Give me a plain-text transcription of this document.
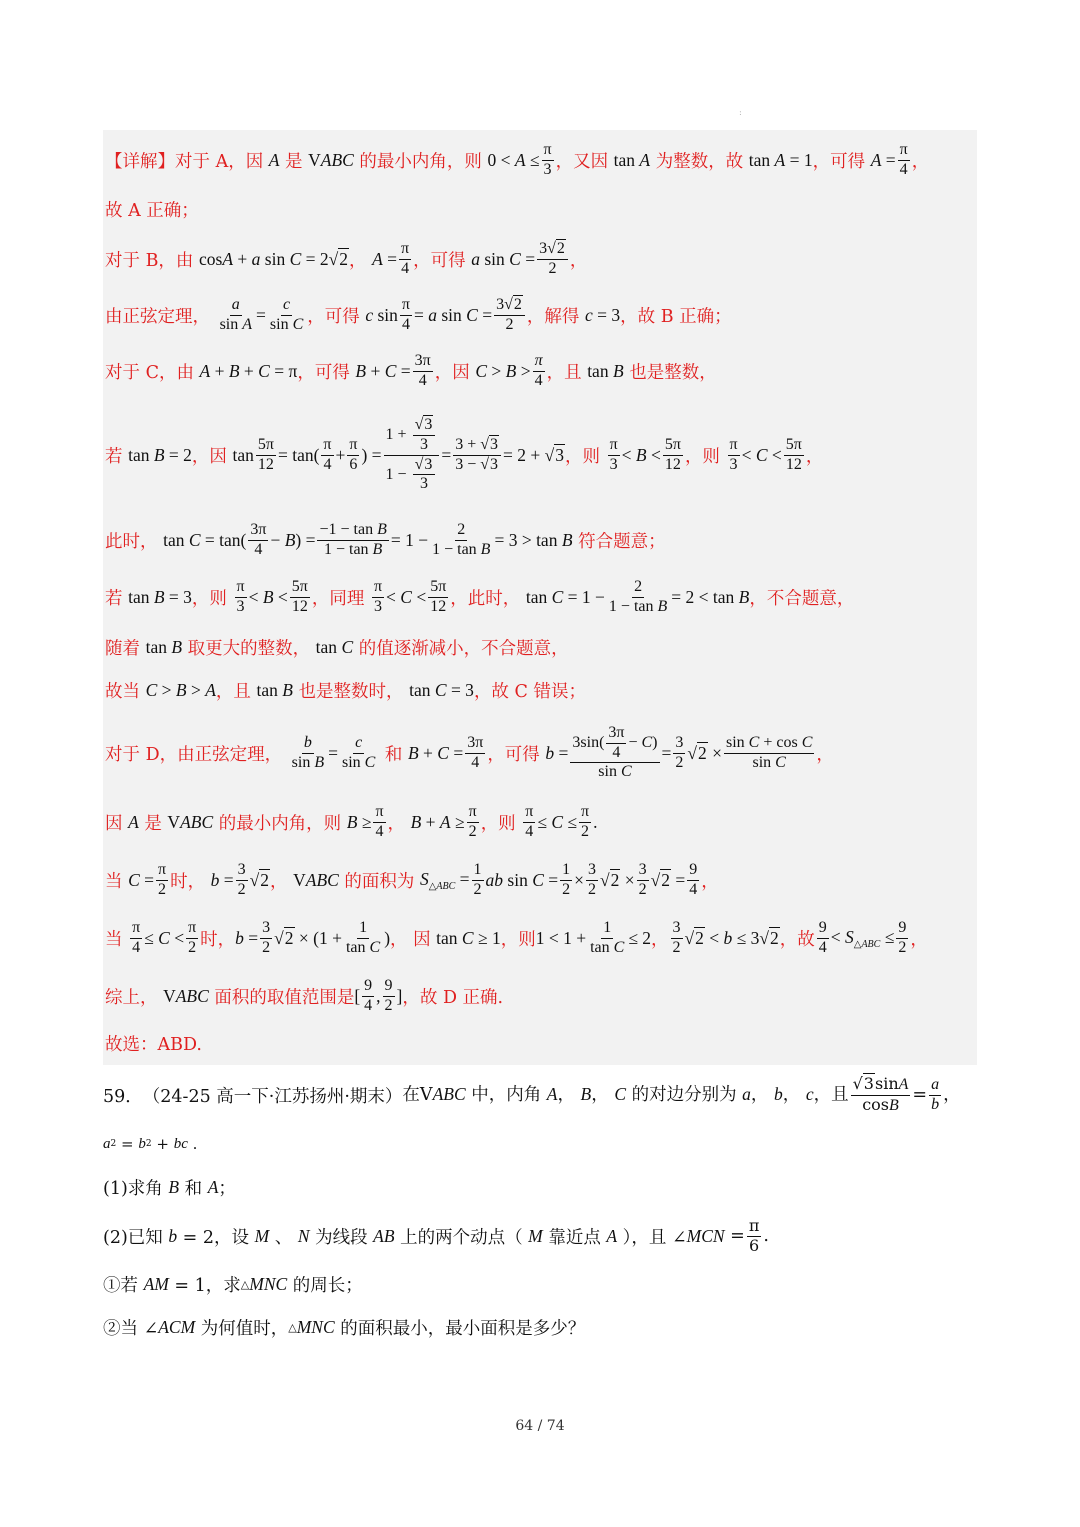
ː
【详解】 对于 A，因 A 是 VABC 的最小内角，则 $0 < A \le \frac{\pi}{3}$ ，又因 tan A 为整数，故 tan A = 1 ，可得 $A = \frac{\pi}{4}$ ，
故 A 正确；
对于 B，由 cosA + a sin C = 2√2 ， $A = \frac{\pi}{4}$ ，可得 a $\sin C = \frac{3√2}{2}$ ，
由正弦定理， $\frac{a}{\text{sin A}} = \frac{c}{\text{sin C}}$ ，可得 c $\sin \frac{\pi}{4} = a$ $\sin C = \frac{3√2}{2}$ ，解得 c = 3 ，故 B 正确；
对于 C，由 A + B + C = π ，可得 $B + C = \frac{3\pi}{4}$ ，因 $C > B > \frac{\pi}{4}$ ，且 tan B 也是整数，
若 tan B = 2 ，因 $\tan \frac{5\pi}{12} = \tan( \frac{\pi}{4} + \frac{\pi}{6}$ ) = $\frac{1 + \frac{√3}{3}}{1 - \frac{√3}{3}} = \frac{3 + √3}{3 - √3} = 2 + √3$ ，则 $\frac{\pi}{3} < B < \frac{5\pi}{12}$ ，则 $\frac{\pi}{3} < C < \frac{5\pi}{12}$ ，
此时， $\tan C = \tan( \frac{3\pi}{4} - B) = \frac{\text{−1 − tan B}}{\text{1 − tan B}} = 1 - \frac{2}{\text{1 − tan B}} = 3 > \tan B$ 符合题意；
若 tan B = 3 ，则 $\frac{\pi}{3} < B < \frac{5\pi}{12}$ ，同理 $\frac{\pi}{3} < C < \frac{5\pi}{12}$ ，此时， $\tan C = 1 - \frac{2}{\text{1 − tan B}} = 2 < \tan B$ ，不合题意，
随着 tan B 取更大的整数， tan C 的值逐渐减小，不合题意，
故当 C > B > A ，且 tan B 也是整数时， tan C = 3 ，故 C 错误；
对于 D，由正弦定理， $\frac{b}{\text{sin B}} = \frac{c}{\text{sin C}}$ 和 $B + C = \frac{3\pi}{4}$ ，可得 $b = \frac{3\sin( \frac{3\pi}{4} - C)}{\text{sin C}} = \frac{3}{2} √2 \times \frac{\text{sin C + cos C}}{\text{sin C}}$ ，
因 A 是 VABC 的最小内角，则 $B \ge \frac{\pi}{4}$ ， $B + A \ge \frac{\pi}{2}$ ，则 $\frac{\pi}{4} \le C \le \frac{\pi}{2}$ .
当 $C = \frac{\pi}{2}$ 时， $b = \frac{3}{2} √2$ ， VABC 的面积为 $S_{\triangle ABC} = \frac{1}{2}$ ab $\sin C = \frac{1}{2} \times \frac{3}{2} √2 \times \frac{3}{2} √2 = \frac{9}{4}$ ，
当 $\frac{\pi}{4} \le C < \frac{\pi}{2}$ 时， $b = \frac{3}{2} √2 \times (1 + \frac{1}{\text{tan C}}$ ) ， 因 tan C ≥ 1 ，则 $1 < 1 + \frac{1}{\text{tan C}} \le 2$ ， $\frac{3}{2} √2 < b \le 3√2$ ，故 $\frac{9}{4} < S_{\triangle ABC} \le \frac{9}{2}$ ，
综上， VABC 面积的取值范围是 [ $\frac{9}{4}$ , $\frac{9}{2}$ ] ，故 D 正确.
故选：ABD.
59． （24-25 高一下·江苏扬州·期末） 在VABC 中，内角 A， B， C 的对边分别为 a， b， c，且 $\frac{√3\sin A}{\cos B} = \frac{a}{b}$ ，
a 2 = b 2 + bc .
(1)求角 B 和 A ；
(2)已知 b = 2，设 M 、 N 为线段 AB 上的两个动点（ M 靠近点 A ），且 ∠ MCN = $\frac{\pi}{6}$ .
①若 AM = 1，求 △ MNC 的周长；
②当 ∠ ACM 为何值时， △ MNC 的面积最小，最小面积是多少？
64 / 74
